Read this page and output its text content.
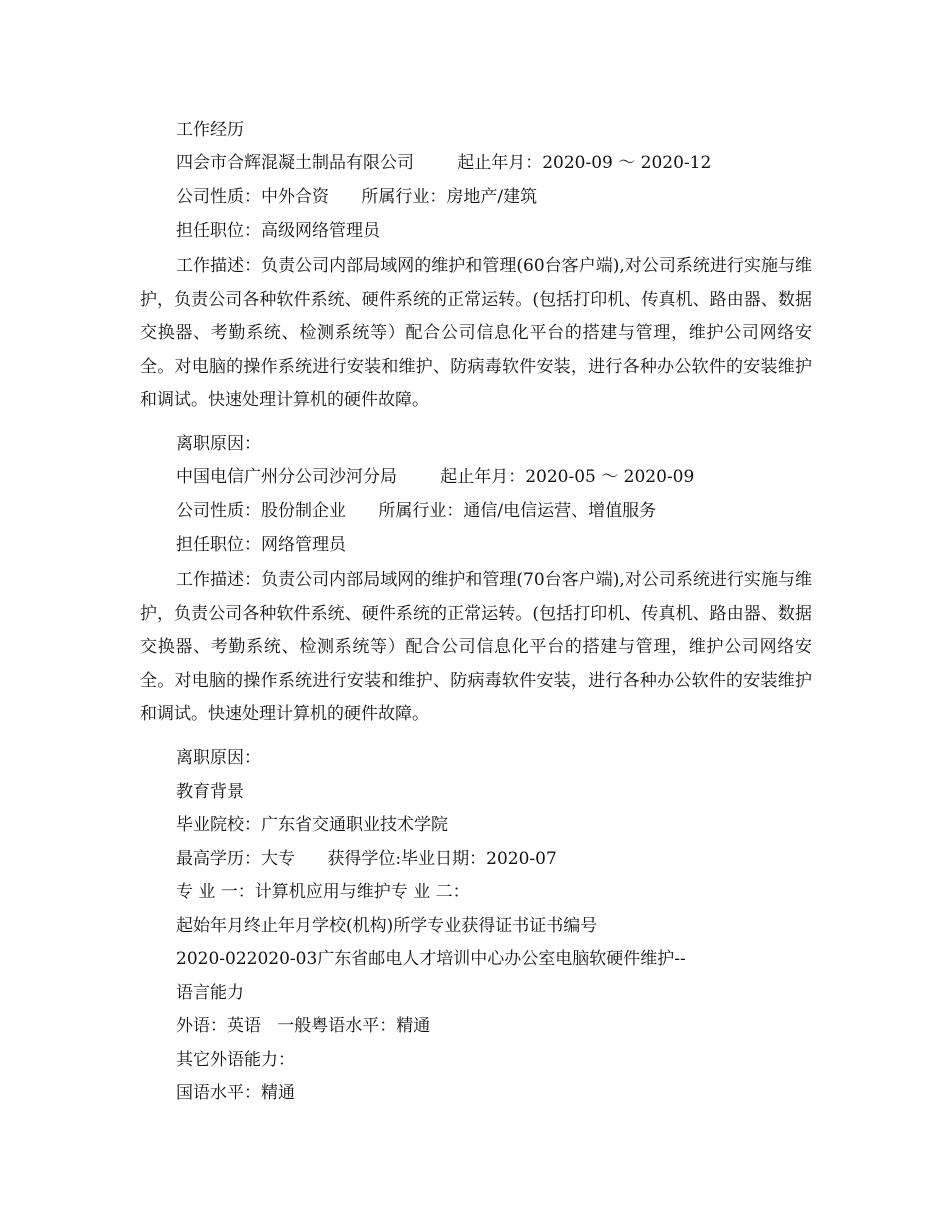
工作经历
四会市合辉混凝土制品有限公司        起止年月：2020-09 ～ 2020-12
公司性质：中外合资      所属行业：房地产/建筑
担任职位：高级网络管理员

工作描述：负责公司内部局域网的维护和管理(60台客户端),对公司系统进行实施与维护，负责公司各种软件系统、硬件系统的正常运转。(包括打印机、传真机、路由器、数据交换器、考勤系统、检测系统等）配合公司信息化平台的搭建与管理，维护公司网络安全。对电脑的操作系统进行安装和维护、防病毒软件安装，进行各种办公软件的安装维护和调试。快速处理计算机的硬件故障。

离职原因：
中国电信广州分公司沙河分局        起止年月：2020-05 ～ 2020-09
公司性质：股份制企业      所属行业：通信/电信运营、增值服务
担任职位：网络管理员

工作描述：负责公司内部局域网的维护和管理(70台客户端),对公司系统进行实施与维护，负责公司各种软件系统、硬件系统的正常运转。(包括打印机、传真机、路由器、数据交换器、考勤系统、检测系统等）配合公司信息化平台的搭建与管理，维护公司网络安全。对电脑的操作系统进行安装和维护、防病毒软件安装，进行各种办公软件的安装维护和调试。快速处理计算机的硬件故障。

离职原因：
教育背景
毕业院校：广东省交通职业技术学院
最高学历：大专      获得学位:毕业日期：2020-07
专 业 一：计算机应用与维护专 业 二：
起始年月终止年月学校(机构)所学专业获得证书证书编号
2020-022020-03广东省邮电人才培训中心办公室电脑软硬件维护--
语言能力
外语：英语   一般粤语水平：精通
其它外语能力：
国语水平：精通
